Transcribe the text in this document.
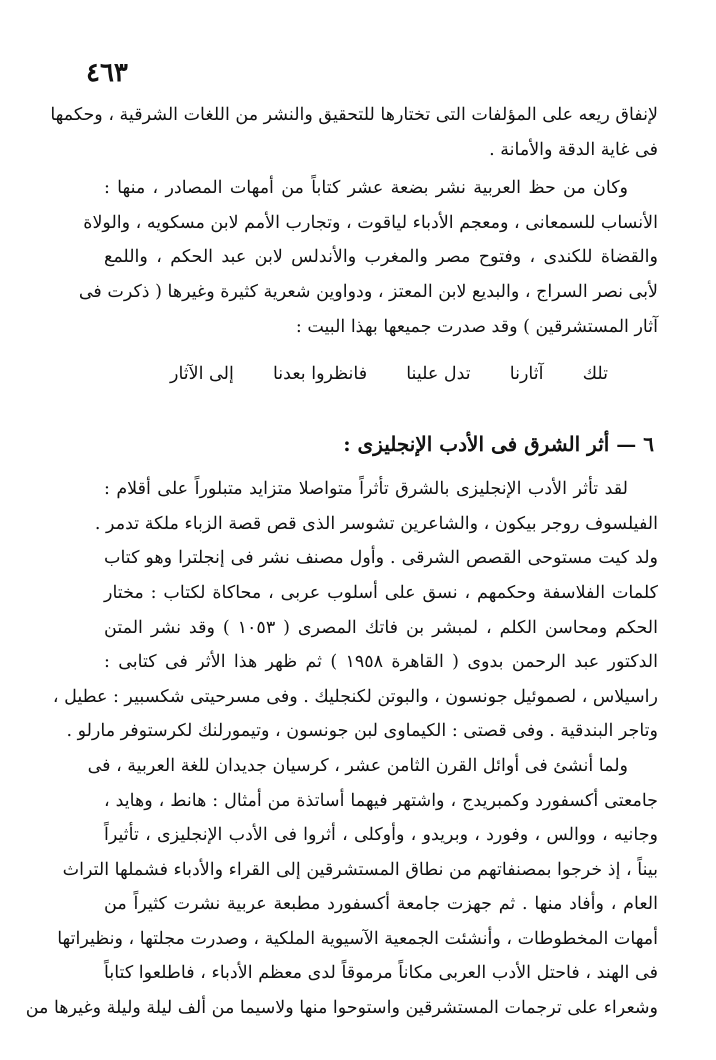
٤٦٣
لإنفاق ريعه على المؤلفات التى تختارها للتحقيق والنشر من اللغات الشرقية ، وحكمها
فى غاية الدقة والأمانة .
وكان من حظ العربية نشر بضعة عشر كتاباً من أمهات المصادر ، منها :
الأنساب للسمعانى ، ومعجم الأدباء لياقوت ، وتجارب الأمم لابن مسكويه ، والولاة
والقضاة للكندى ، وفتوح مصر والمغرب والأندلس لابن عبد الحكم ، واللمع
لأبى نصر السراج ، والبديع لابن المعتز ، ودواوين شعرية كثيرة وغيرها ( ذكرت فى
آثار المستشرقين ) وقد صدرت جميعها بهذا البيت :
تلك
آثارنا
تدل علينا
فانظروا بعدنا
إلى الآثار
٦ — أثر الشرق فى الأدب الإنجليزى :
لقد تأثر الأدب الإنجليزى بالشرق تأثراً متواصلا متزايد متبلوراً على أقلام :
الفيلسوف روجر بيكون ، والشاعرين تشوسر الذى قص قصة الزباء ملكة تدمر .
ولد كيت مستوحى القصص الشرقى . وأول مصنف نشر فى إنجلترا وهو كتاب
كلمات الفلاسفة وحكمهم ، نسق على أسلوب عربى ، محاكاة لكتاب : مختار
الحكم ومحاسن الكلم ، لمبشر بن فاتك المصرى ( ١٠٥٣ ) وقد نشر المتن
الدكتور عبد الرحمن بدوى ( القاهرة ١٩٥٨ ) ثم ظهر هذا الأثر فى كتابى :
راسيلاس ، لصموئيل جونسون ، والبوتن لكنجليك . وفى مسرحيتى شكسبير : عطيل ،
وتاجر البندقية . وفى قصتى : الكيماوى لبن جونسون ، وتيمورلنك لكرستوفر مارلو .
ولما أنشئ فى أوائل القرن الثامن عشر ، كرسيان جديدان للغة العربية ، فى
جامعتى أكسفورد وكمبريدج ، واشتهر فيهما أساتذة من أمثال : هانط ، وهايد ،
وجانيه ، ووالس ، وفورد ، وبريدو ، وأوكلى ، أثروا فى الأدب الإنجليزى ، تأثيراً
بيناً ، إذ خرجوا بمصنفاتهم من نطاق المستشرقين إلى القراء والأدباء فشملها التراث
العام ، وأفاد منها . ثم جهزت جامعة أكسفورد مطبعة عربية نشرت كثيراً من
أمهات المخطوطات ، وأنشئت الجمعية الآسيوية الملكية ، وصدرت مجلتها ، ونظيراتها
فى الهند ، فاحتل الأدب العربى مكاناً مرموقاً لدى معظم الأدباء ، فاطلعوا كتاباً
وشعراء على ترجمات المستشرقين واستوحوا منها ولاسيما من ألف ليلة وليلة وغيرها من
